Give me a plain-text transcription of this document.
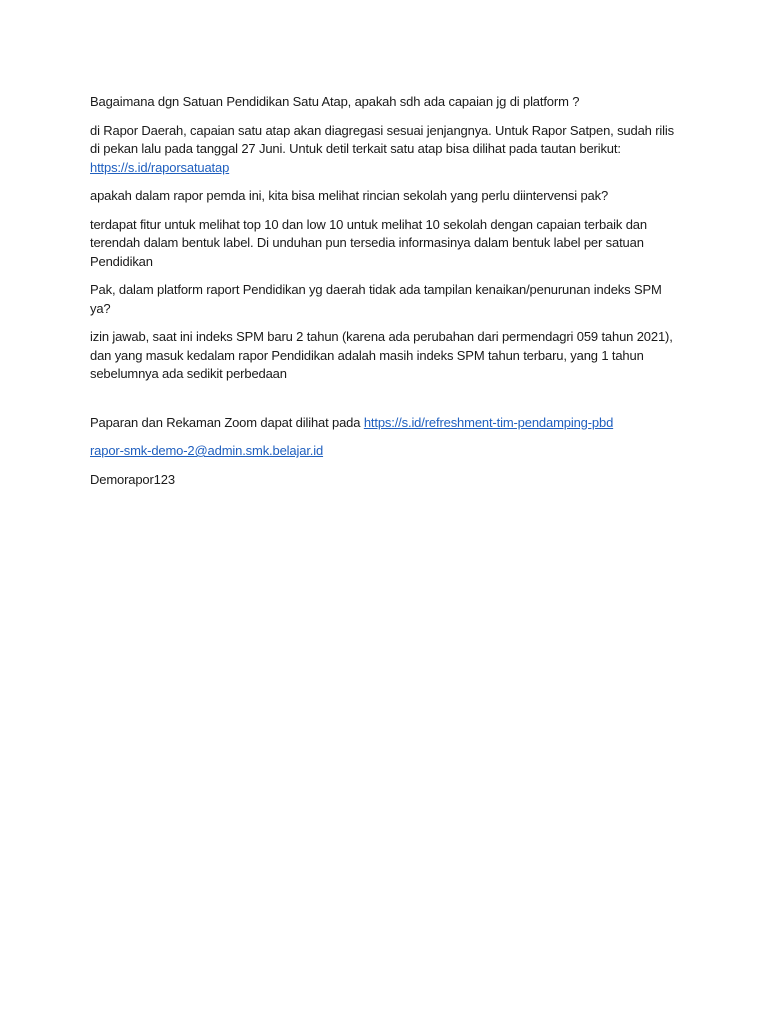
Bagaimana dgn Satuan Pendidikan Satu Atap, apakah sdh ada capaian jg di platform ?

di Rapor Daerah, capaian satu atap akan diagregasi sesuai jenjangnya. Untuk Rapor Satpen, sudah rilis di pekan lalu pada tanggal 27 Juni. Untuk detil terkait satu atap bisa dilihat pada tautan berikut:
https://s.id/raporsatuatap

apakah dalam rapor pemda ini, kita bisa melihat rincian sekolah yang perlu diintervensi pak?

terdapat fitur untuk melihat top 10 dan low 10 untuk melihat 10 sekolah dengan capaian terbaik dan terendah dalam bentuk label. Di unduhan pun tersedia informasinya dalam bentuk label per satuan Pendidikan

Pak, dalam platform raport Pendidikan yg daerah tidak ada tampilan kenaikan/penurunan indeks SPM ya?

izin jawab, saat ini indeks SPM baru 2 tahun (karena ada perubahan dari permendagri 059 tahun 2021), dan yang masuk kedalam rapor Pendidikan adalah masih indeks SPM tahun terbaru, yang 1 tahun sebelumnya ada sedikit perbedaan

Paparan dan Rekaman Zoom dapat dilihat pada https://s.id/refreshment-tim-pendamping-pbd

rapor-smk-demo-2@admin.smk.belajar.id

Demorapor123
